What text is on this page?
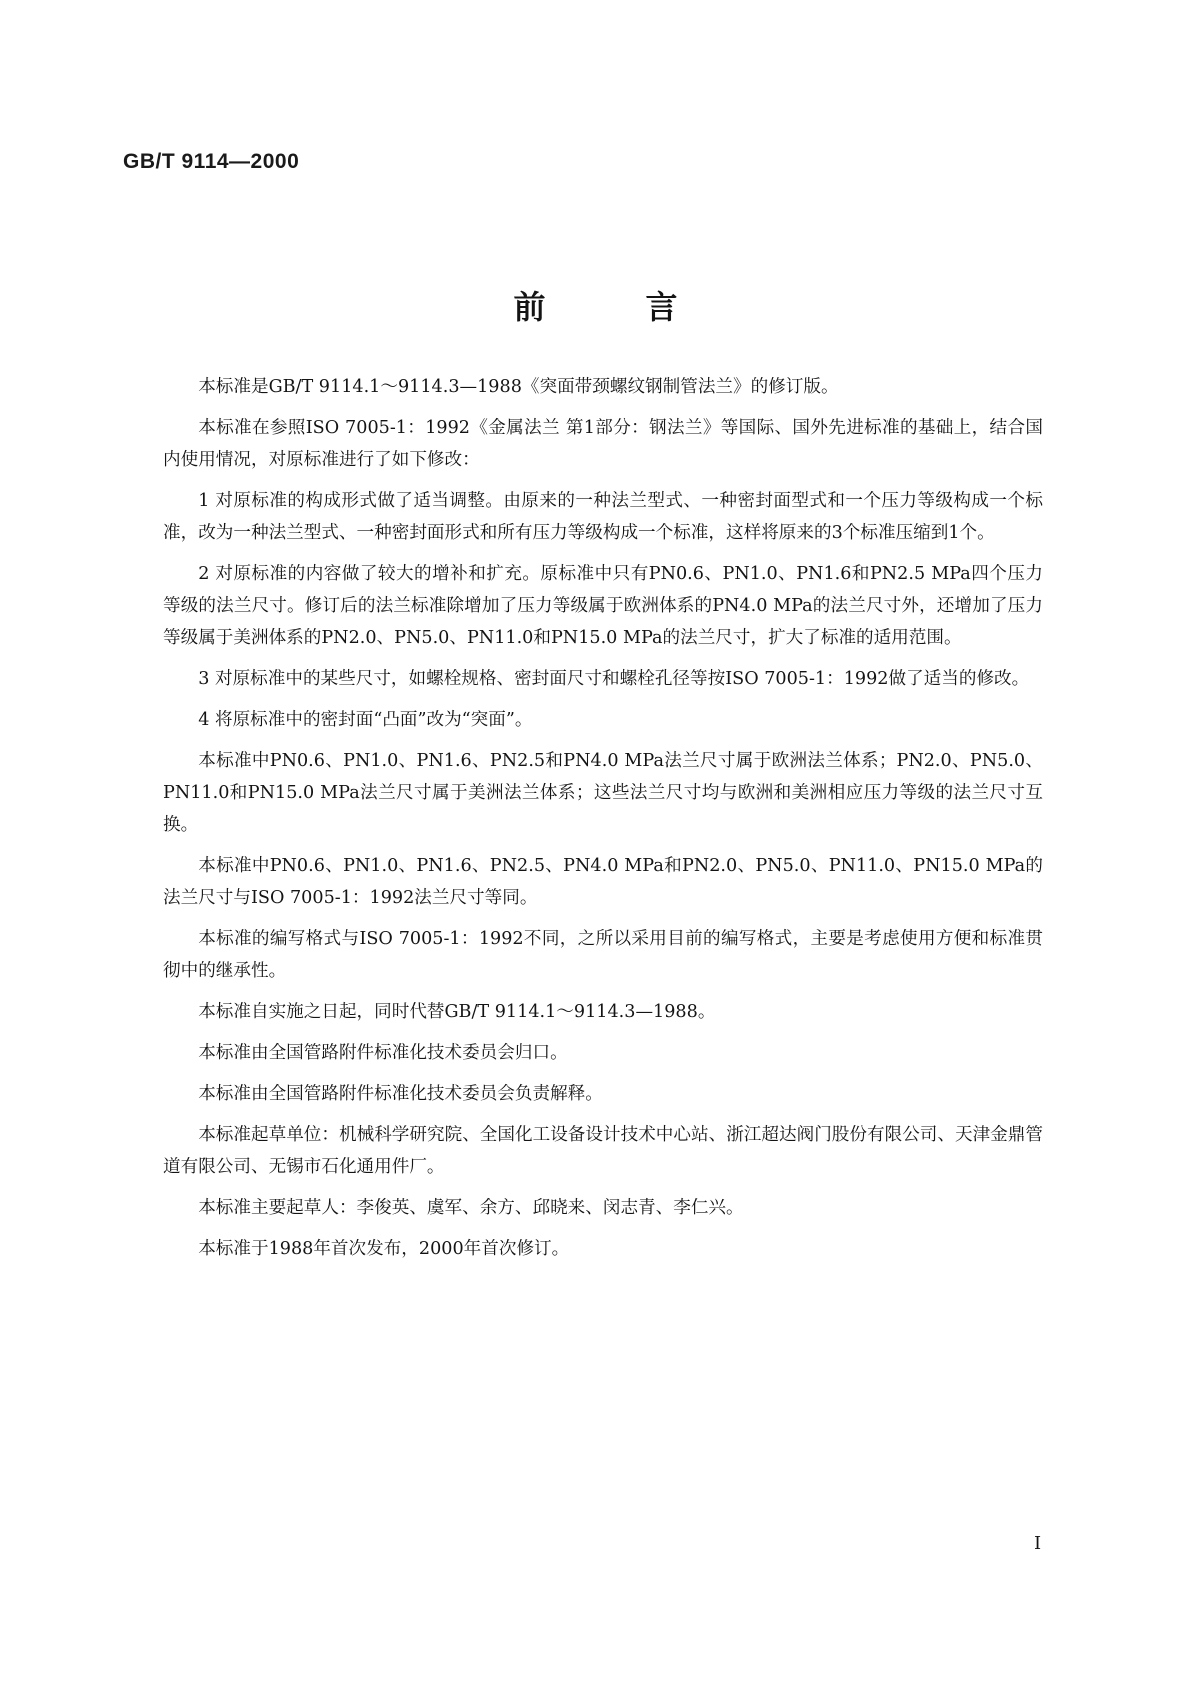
GB/T 9114—2000

前	言

本标准是GB/T 9114.1～9114.3—1988《突面带颈螺纹钢制管法兰》的修订版。

本标准在参照ISO 7005-1：1992《金属法兰 第1部分：钢法兰》等国际、国外先进标准的基础上，结合国内使用情况，对原标准进行了如下修改：

1 对原标准的构成形式做了适当调整。由原来的一种法兰型式、一种密封面型式和一个压力等级构成一个标准，改为一种法兰型式、一种密封面形式和所有压力等级构成一个标准，这样将原来的3个标准压缩到1个。

2 对原标准的内容做了较大的增补和扩充。原标准中只有PN0.6、PN1.0、PN1.6和PN2.5 MPa四个压力等级的法兰尺寸。修订后的法兰标准除增加了压力等级属于欧洲体系的PN4.0 MPa的法兰尺寸外，还增加了压力等级属于美洲体系的PN2.0、PN5.0、PN11.0和PN15.0 MPa的法兰尺寸，扩大了标准的适用范围。

3 对原标准中的某些尺寸，如螺栓规格、密封面尺寸和螺栓孔径等按ISO 7005-1：1992做了适当的修改。

4 将原标准中的密封面“凸面”改为“突面”。

本标准中PN0.6、PN1.0、PN1.6、PN2.5和PN4.0 MPa法兰尺寸属于欧洲法兰体系；PN2.0、PN5.0、PN11.0和PN15.0 MPa法兰尺寸属于美洲法兰体系；这些法兰尺寸均与欧洲和美洲相应压力等级的法兰尺寸互换。

本标准中PN0.6、PN1.0、PN1.6、PN2.5、PN4.0 MPa和PN2.0、PN5.0、PN11.0、PN15.0 MPa的法兰尺寸与ISO 7005-1：1992法兰尺寸等同。

本标准的编写格式与ISO 7005-1：1992不同，之所以采用目前的编写格式，主要是考虑使用方便和标准贯彻中的继承性。

本标准自实施之日起，同时代替GB/T 9114.1～9114.3—1988。

本标准由全国管路附件标准化技术委员会归口。

本标准由全国管路附件标准化技术委员会负责解释。

本标准起草单位：机械科学研究院、全国化工设备设计技术中心站、浙江超达阀门股份有限公司、天津金鼎管道有限公司、无锡市石化通用件厂。

本标准主要起草人：李俊英、虞军、余方、邱晓来、闵志青、李仁兴。

本标准于1988年首次发布，2000年首次修订。

I
